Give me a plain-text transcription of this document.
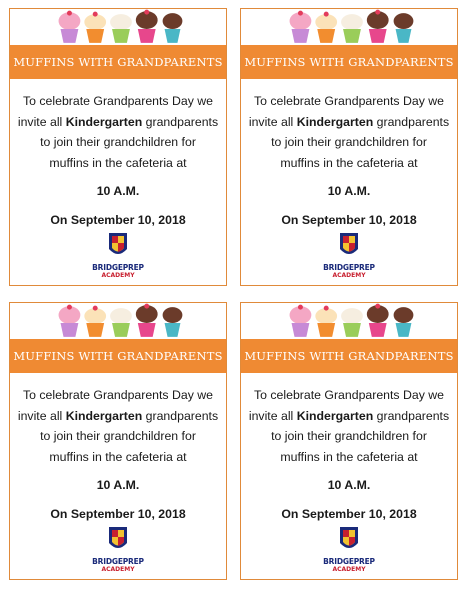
MUFFINS WITH GRANDPARENTS
To celebrate Grandparents Day we
invite all Kindergarten grandparents
to join their grandchildren for
muffins in the cafeteria at
10 A.M.
On September 10, 2018
BRIDGEPREP
ACADEMY
MUFFINS WITH GRANDPARENTS
To celebrate Grandparents Day we
invite all Kindergarten grandparents
to join their grandchildren for
muffins in the cafeteria at
10 A.M.
On September 10, 2018
BRIDGEPREP
ACADEMY
MUFFINS WITH GRANDPARENTS
To celebrate Grandparents Day we
invite all Kindergarten grandparents
to join their grandchildren for
muffins in the cafeteria at
10 A.M.
On September 10, 2018
BRIDGEPREP
ACADEMY
MUFFINS WITH GRANDPARENTS
To celebrate Grandparents Day we
invite all Kindergarten grandparents
to join their grandchildren for
muffins in the cafeteria at
10 A.M.
On September 10, 2018
BRIDGEPREP
ACADEMY
